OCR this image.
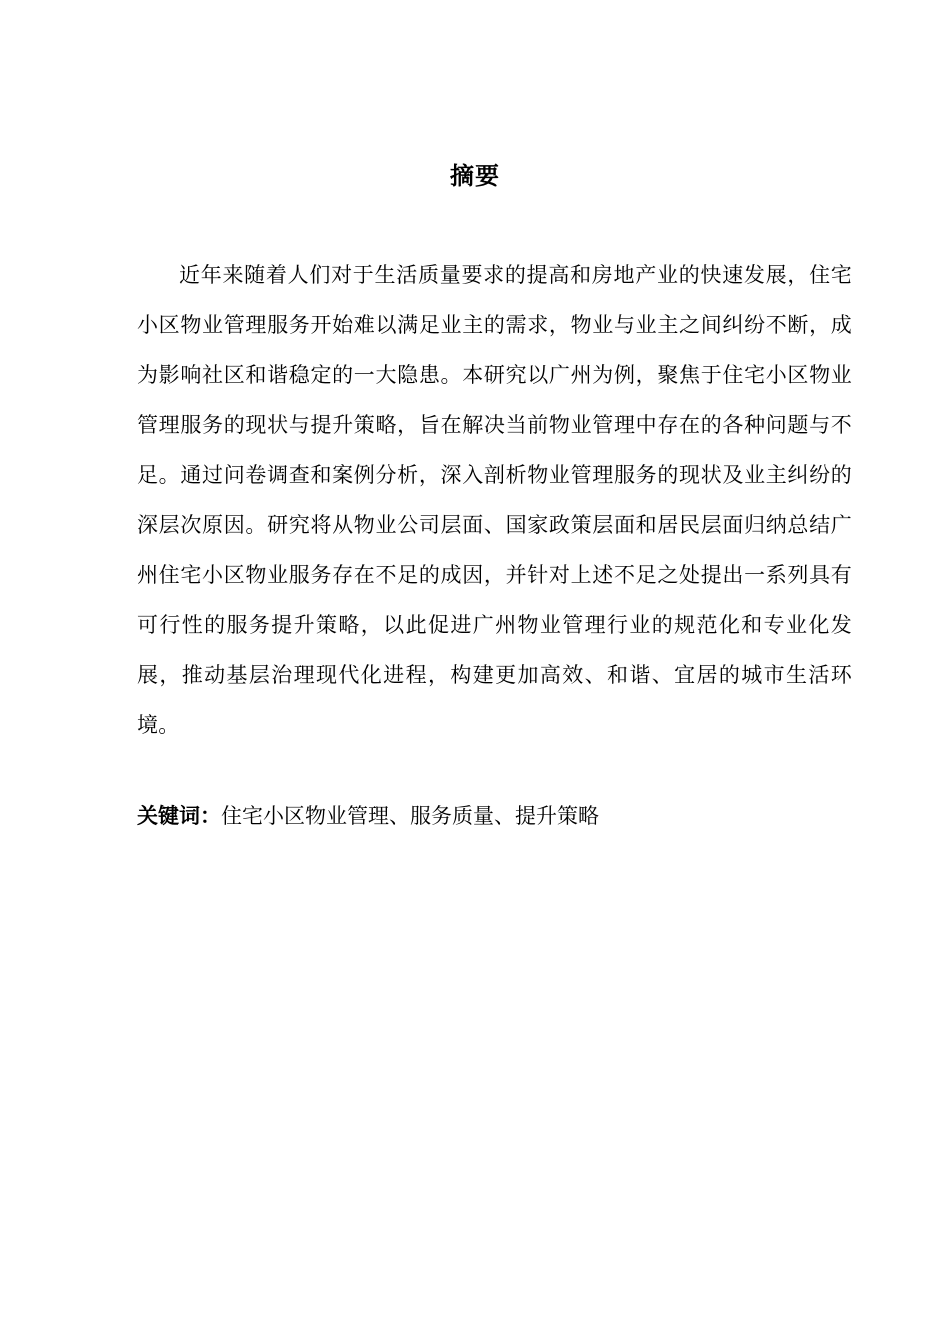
摘要

近年来随着人们对于生活质量要求的提高和房地产业的快速发展，住宅小区物业管理服务开始难以满足业主的需求，物业与业主之间纠纷不断，成为影响社区和谐稳定的一大隐患。本研究以广州为例，聚焦于住宅小区物业管理服务的现状与提升策略，旨在解决当前物业管理中存在的各种问题与不足。通过问卷调查和案例分析，深入剖析物业管理服务的现状及业主纠纷的深层次原因。研究将从物业公司层面、国家政策层面和居民层面归纳总结广州住宅小区物业服务存在不足的成因，并针对上述不足之处提出一系列具有可行性的服务提升策略，以此促进广州物业管理行业的规范化和专业化发展，推动基层治理现代化进程，构建更加高效、和谐、宜居的城市生活环境。

关键词：住宅小区物业管理、服务质量、提升策略
